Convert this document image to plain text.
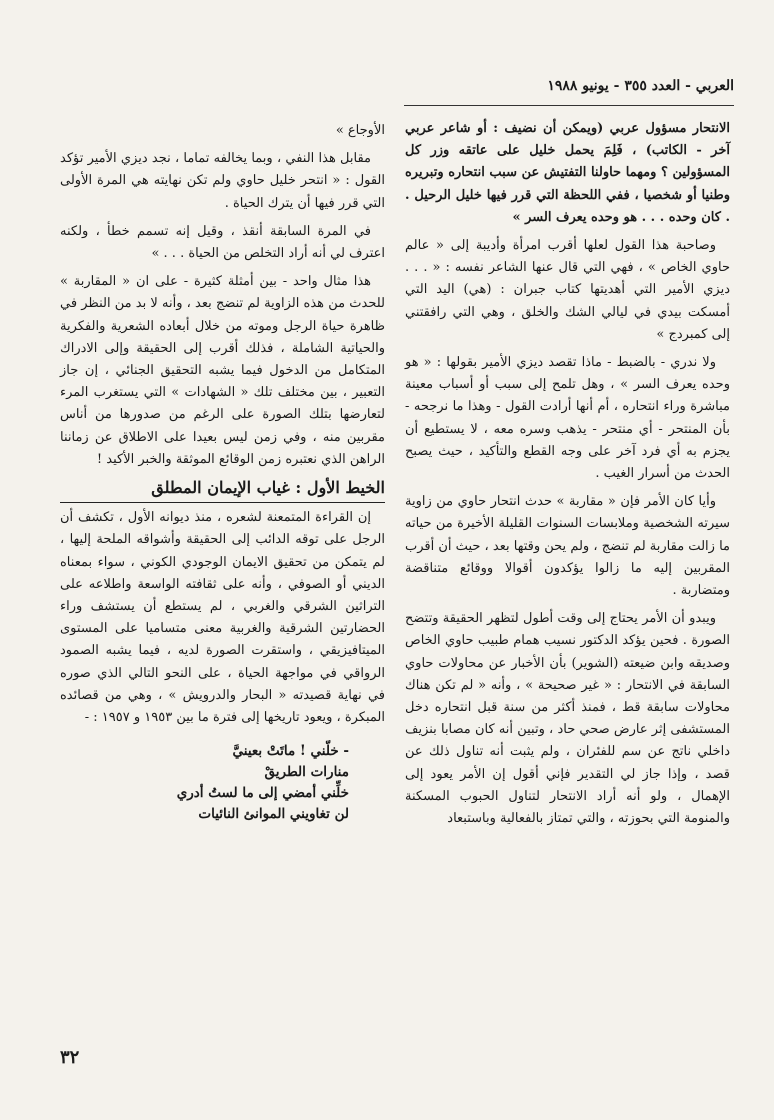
العربي - العدد ٣٥٥ - يونيو ١٩٨٨

الانتحار مسؤول عربي (ويمكن أن نضيف : أو شاعر عربي آخر - الكاتب) ، فَلِمَ يحمل خليل على عاتقه وزر كل المسؤولين ؟ ومهما حاولنا التفتيش عن سبب انتحاره وتبريره وطنيا أو شخصيا ، ففي اللحظة التي قرر فيها خليل الرحيل . . كان وحده . . . هو وحده يعرف السر »

وصاحبة هذا القول لعلها أقرب امرأة وأديبة إلى « عالم حاوي الخاص » ، فهي التي قال عنها الشاعر نفسه : « . . . ديزي الأمير التي أهديتها كتاب جبران : (هي) اليد التي أمسكت بيدي في ليالي الشك والخلق ، وهي التي رافقتني إلى كمبردج »

ولا ندري - بالضبط - ماذا تقصد ديزي الأمير بقولها : « هو وحده يعرف السر » ، وهل تلمح إلى سبب أو أسباب معينة مباشرة وراء انتحاره ، أم أنها أرادت القول - وهذا ما نرجحه - بأن المنتحر - أي منتحر - يذهب وسره معه ، لا يستطيع أن يجزم به أي فرد آخر على وجه القطع والتأكيد ، حيث يصبح الحدث من أسرار الغيب .

وأيا كان الأمر فإن « مقاربة » حدث انتحار حاوي من زاوية سيرته الشخصية وملابسات السنوات القليلة الأخيرة من حياته ما زالت مقاربة لم تنضج ، ولم يحن وقتها بعد ، حيث أن أقرب المقربين إليه ما زالوا يؤكدون أقوالا ووقائع متناقضة ومتضاربة .

ويبدو أن الأمر يحتاج إلى وقت أطول لتظهر الحقيقة وتتضح الصورة . فحين يؤكد الدكتور نسيب همام طبيب حاوي الخاص وصديقه وابن ضيعته (الشوير) بأن الأخبار عن محاولات حاوي السابقة في الانتحار : « غير صحيحة » ، وأنه « لم تكن هناك محاولات سابقة قط ، فمنذ أكثر من سنة قبل انتحاره دخل المستشفى إثر عارض صحي حاد ، وتبين أنه كان مصابا بنزيف داخلي ناتج عن سم للفئران ، ولم يثبت أنه تناول ذلك عن قصد ، وإذا جاز لي التقدير فإني أقول إن الأمر يعود إلى الإهمال ، ولو أنه أراد الانتحار لتناول الحبوب المسكنة والمنومة التي بحوزته ، والتي تمتاز بالفعالية وباستبعاد

الأوجاع »

مقابل هذا النفي ، وبما يخالفه تماما ، نجد ديزي الأمير تؤكد القول : « انتحر خليل حاوي ولم تكن نهايته هي المرة الأولى التي قرر فيها أن يترك الحياة .

في المرة السابقة أنقذ ، وقيل إنه تسمم خطأ ، ولكنه اعترف لي أنه أراد التخلص من الحياة . . . »

هذا مثال واحد - بين أمثلة كثيرة - على ان « المقاربة » للحدث من هذه الزاوية لم تنضج بعد ، وأنه لا بد من النظر في ظاهرة حياة الرجل وموته من خلال أبعاده الشعرية والفكرية والحياتية الشاملة ، فذلك أقرب إلى الحقيقة وإلى الادراك المتكامل من الدخول فيما يشبه التحقيق الجنائي ، إن جاز التعبير ، بين مختلف تلك « الشهادات » التي يستغرب المرء لتعارضها بتلك الصورة على الرغم من صدورها من أناس مقربين منه ، وفي زمن ليس بعيدا على الاطلاق عن زماننا الراهن الذي نعتبره زمن الوقائع الموثقة والخبر الأكيد !

الخيط الأول : غياب الإيمان المطلق

إن القراءة المتمعنة لشعره ، منذ ديوانه الأول ، تكشف أن الرجل على توقه الدائب إلى الحقيقة وأشواقه الملحة إليها ، لم يتمكن من تحقيق الايمان الوجودي الكوني ، سواء بمعناه الديني أو الصوفي ، وأنه على ثقافته الواسعة واطلاعه على التراثين الشرقي والغربي ، لم يستطع أن يستشف وراء الحضارتين الشرقية والغربية معنى متساميا على المستوى الميتافيزيقي ، واستقرت الصورة لديه ، فيما يشبه الصمود الرواقي في مواجهة الحياة ، على النحو التالي الذي صوره في نهاية قصيدته « البحار والدرويش » ، وهي من قصائده المبكرة ، ويعود تاريخها إلى فترة ما بين ١٩٥٣ و ١٩٥٧ : -

- خلّني ! ماتَتْ بعينيَّ
منارات الطريقْ
خلِّني أمضي إلى ما لستُ أدري
لن تغاويني الموانئ النائيات
٣٢
